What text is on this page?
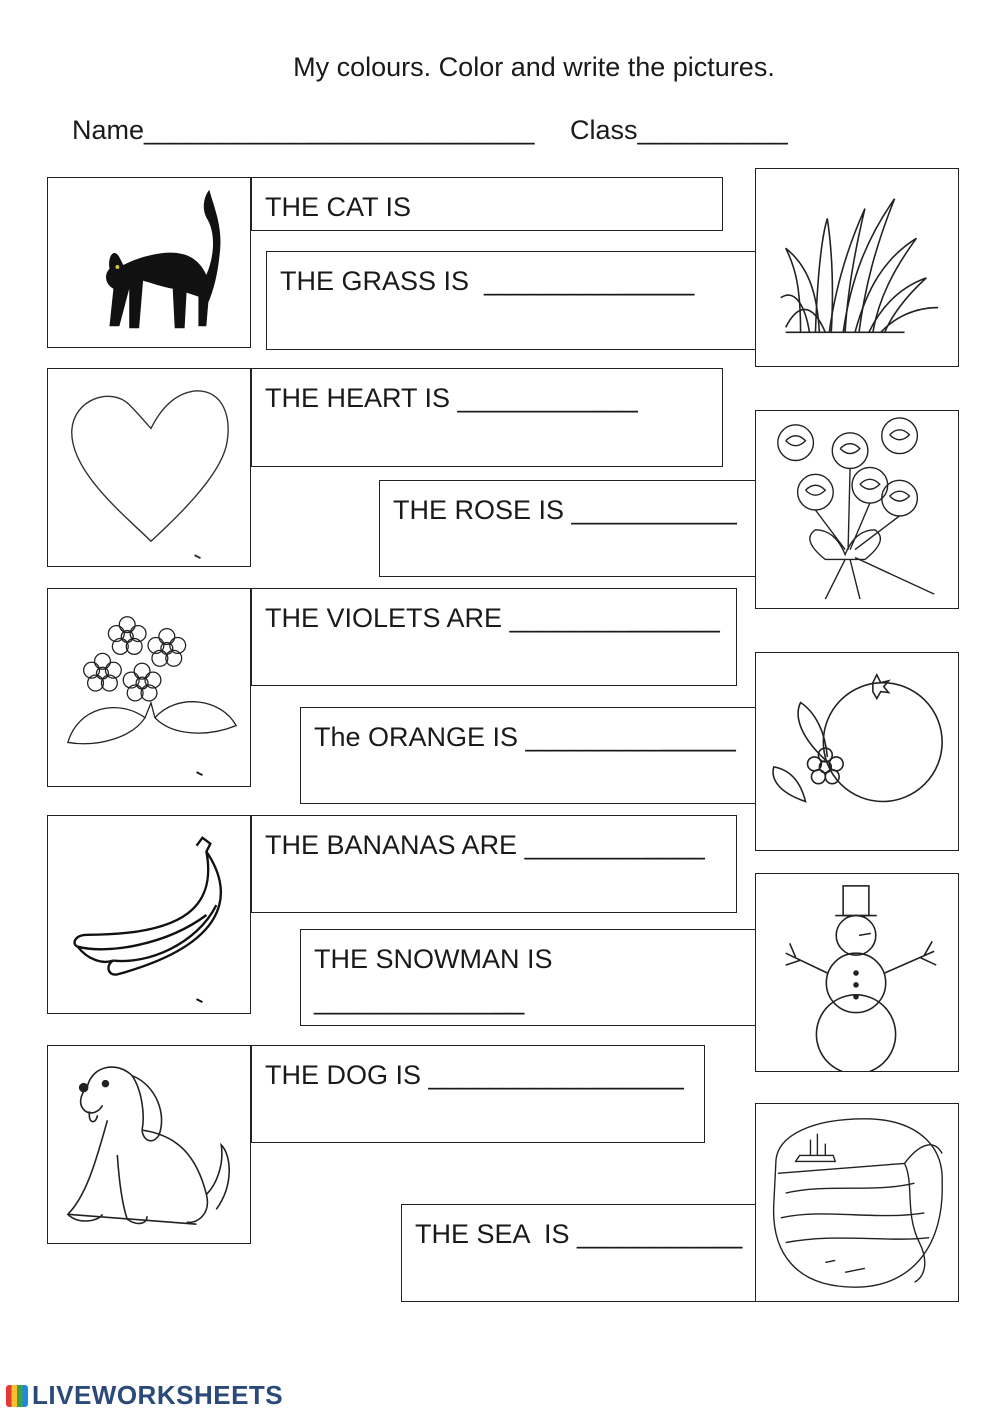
My colours. Color and write the pictures.
Name__________________________ Class__________
THE CAT IS
THE GRASS IS  ______________
THE HEART IS ____________
THE ROSE IS ___________
THE VIOLETS ARE ______________
The ORANGE IS ______________
THE BANANAS ARE ____________
THE SNOWMAN IS
______________
THE DOG IS _________________
THE SEA  IS ___________
LIVEWORKSHEETS
